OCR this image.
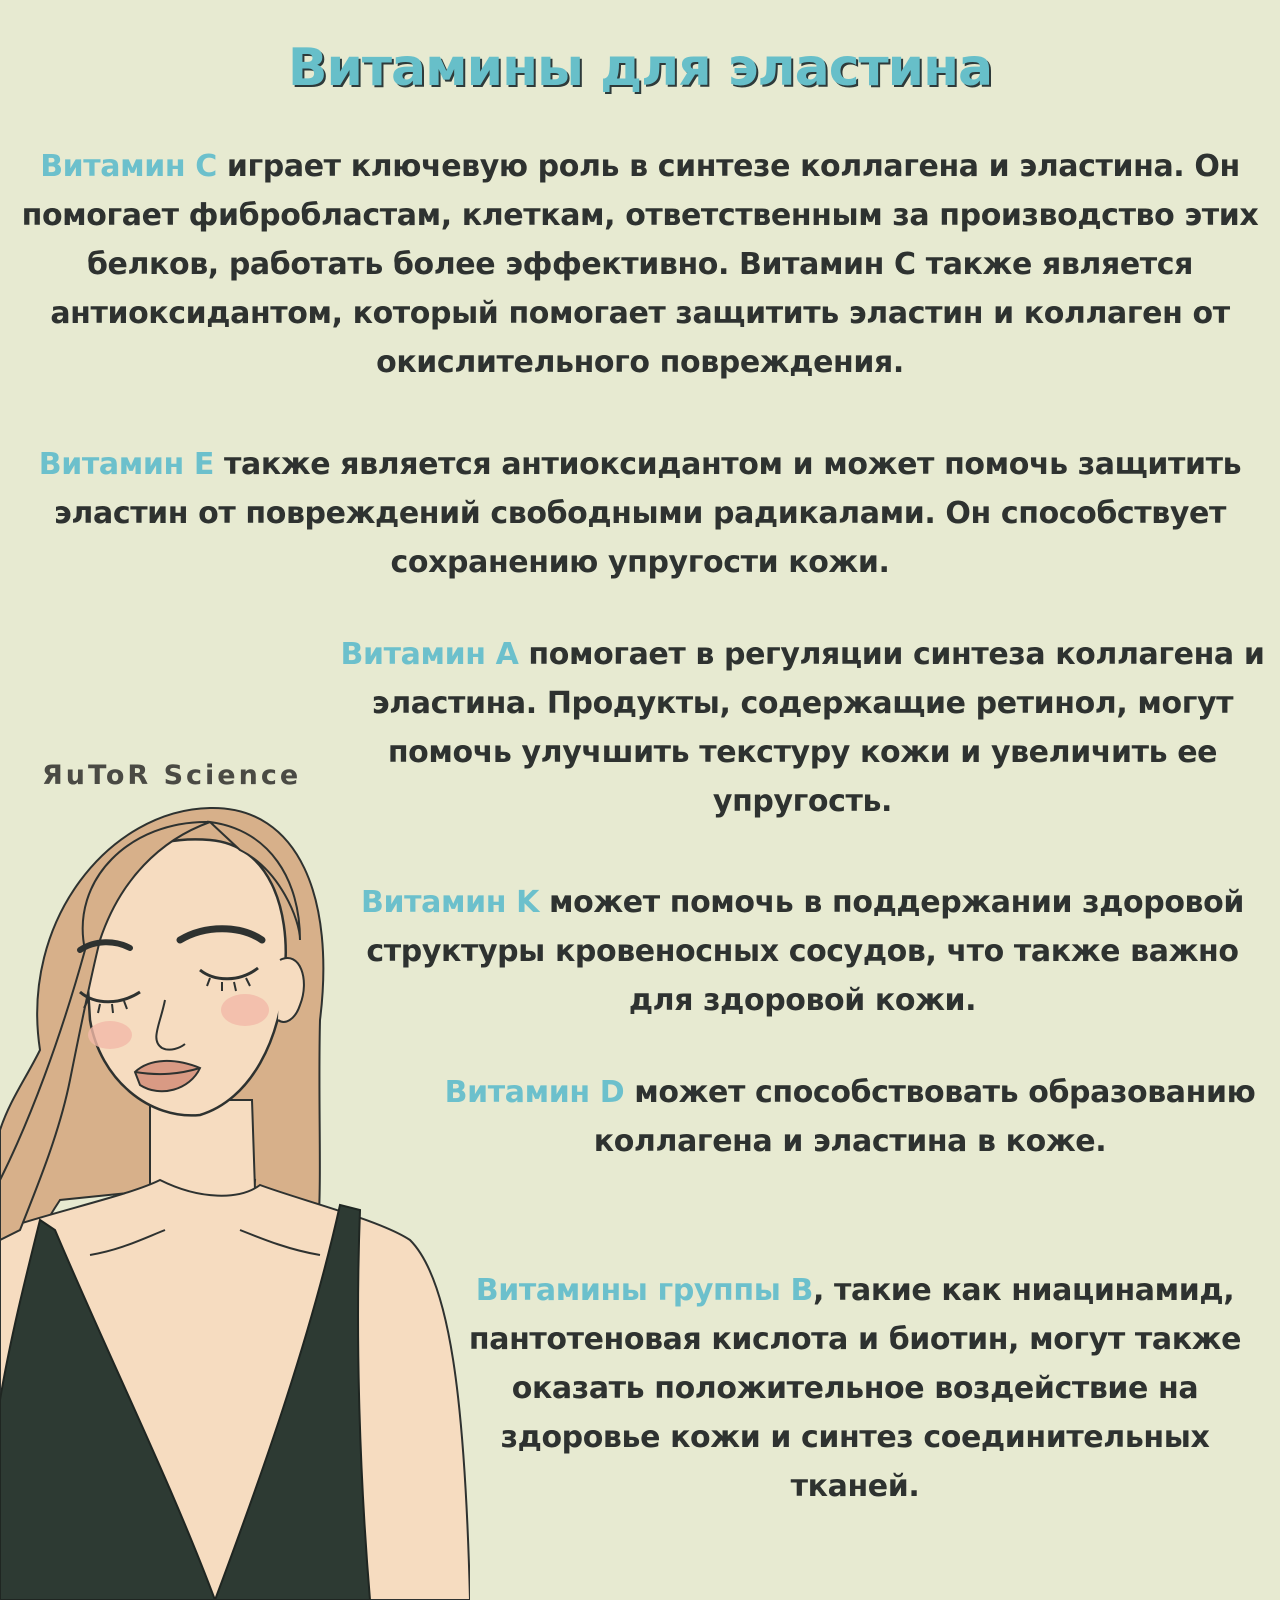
Витамины для эластина
Витамин C играет ключевую роль в синтезе коллагена и эластина. Он помогает фибробластам, клеткам, ответственным за производство этих белков, работать более эффективно. Витамин C также является антиоксидантом, который помогает защитить эластин и коллаген от окислительного повреждения.
Витамин E также является антиоксидантом и может помочь защитить эластин от повреждений свободными радикалами. Он способствует сохранению упругости кожи.
Витамин A помогает в регуляции синтеза коллагена и эластина. Продукты, содержащие ретинол, могут помочь улучшить текстуру кожи и увеличить ее упругость.
Витамин K может помочь в поддержании здоровой структуры кровеносных сосудов, что также важно для здоровой кожи.
Витамин D может способствовать образованию коллагена и эластина в коже.
Витамины группы B, такие как ниацинамид, пантотеновая кислота и биотин, могут также оказать положительное воздействие на здоровье кожи и синтез соединительных тканей.
ЯuToR Science
